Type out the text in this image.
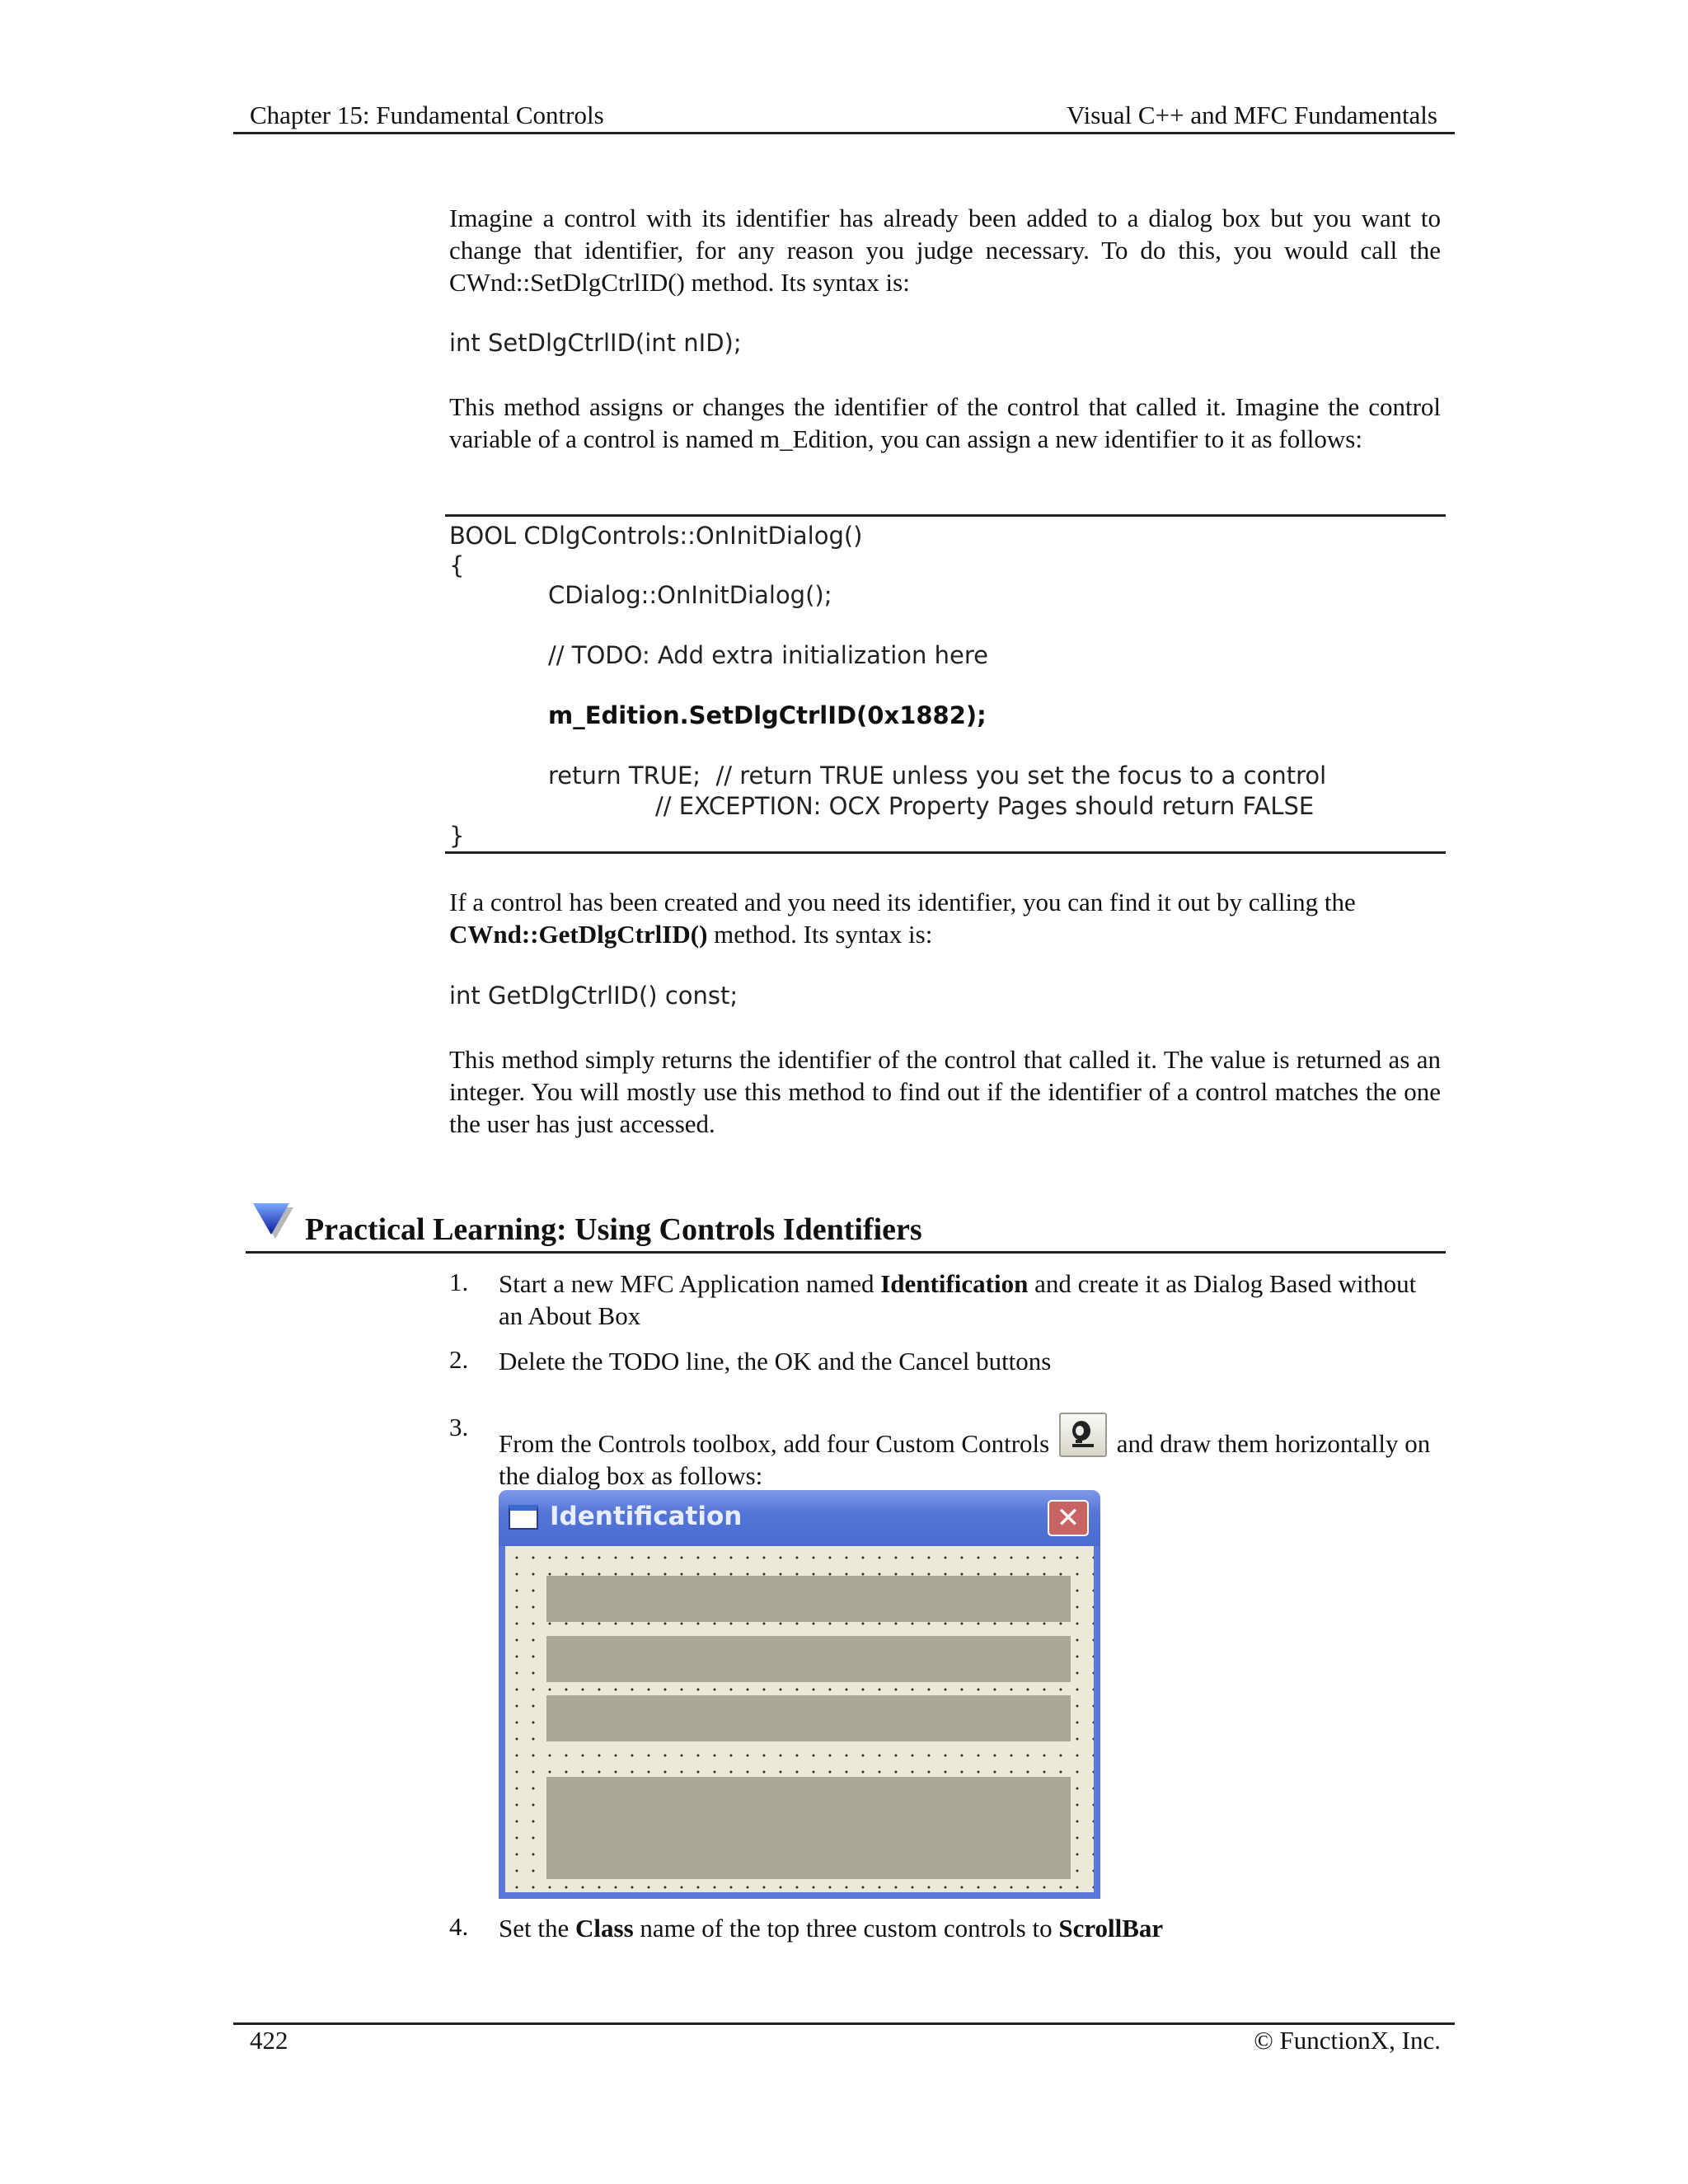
Chapter 15: Fundamental Controls	Visual C++ and MFC Fundamentals

Imagine a control with its identifier has already been added to a dialog box but you want to change that identifier, for any reason you judge necessary. To do this, you would call the CWnd::SetDlgCtrlID() method. Its syntax is:

int SetDlgCtrlID(int nID);

This method assigns or changes the identifier of the control that called it. Imagine the control variable of a control is named m_Edition, you can assign a new identifier to it as follows:

BOOL CDlgControls::OnInitDialog()
{
CDialog::OnInitDialog();
// TODO: Add extra initialization here
m_Edition.SetDlgCtrlID(0x1882);
return TRUE;  // return TRUE unless you set the focus to a control
// EXCEPTION: OCX Property Pages should return FALSE
}

If a control has been created and you need its identifier, you can find it out by calling the
CWnd::GetDlgCtrlID() method. Its syntax is:

int GetDlgCtrlID() const;

This method simply returns the identifier of the control that called it. The value is returned as an integer. You will mostly use this method to find out if the identifier of a control matches the one the user has just accessed.

Practical Learning: Using Controls Identifiers
1. Start a new MFC Application named Identification and create it as Dialog Based without an About Box

2. Delete the TODO line, the OK and the Cancel buttons

3.

From the Controls toolbox, add four Custom Controls
and draw them horizontally on the dialog box as follows:

Identification	✕
4. Set the Class name of the top three custom controls to ScrollBar

422	© FunctionX, Inc.
